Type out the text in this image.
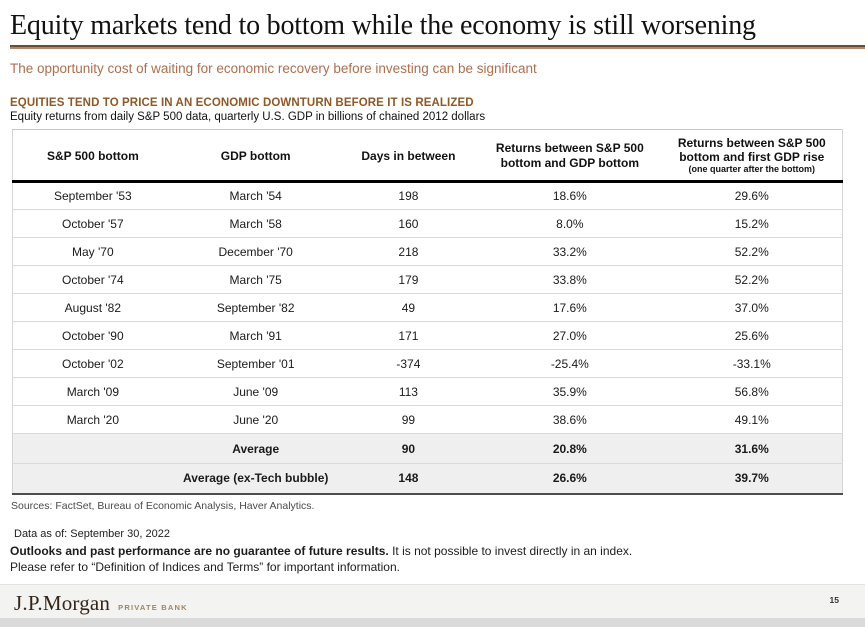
Equity markets tend to bottom while the economy is still worsening
The opportunity cost of waiting for economic recovery before investing can be significant
EQUITIES TEND TO PRICE IN AN ECONOMIC DOWNTURN BEFORE IT IS REALIZED
Equity returns from daily S&P 500 data, quarterly U.S. GDP in billions of chained 2012 dollars
S&P 500 bottom	GDP bottom	Days in between	Returns between S&P 500 bottom and GDP bottom	Returns between S&P 500 bottom and first GDP rise
(one quarter after the bottom)

September '53	March '54	198	18.6%	29.6%
October '57	March '58	160	8.0%	15.2%
May '70	December '70	218	33.2%	52.2%
October '74	March '75	179	33.8%	52.2%
August '82	September '82	49	17.6%	37.0%
October '90	March '91	171	27.0%	25.6%
October '02	September '01	-374	-25.4%	-33.1%
March '09	June '09	113	35.9%	56.8%
March '20	June '20	99	38.6%	49.1%
	Average	90	20.8%	31.6%
	Average (ex-Tech bubble)	148	26.6%	39.7%
Sources: FactSet, Bureau of Economic Analysis, Haver Analytics.
Data as of: September 30, 2022
Outlooks and past performance are no guarantee of future results. It is not possible to invest directly in an index.
Please refer to “Definition of Indices and Terms” for important information.
J.P.Morgan PRIVATE BANK
15
